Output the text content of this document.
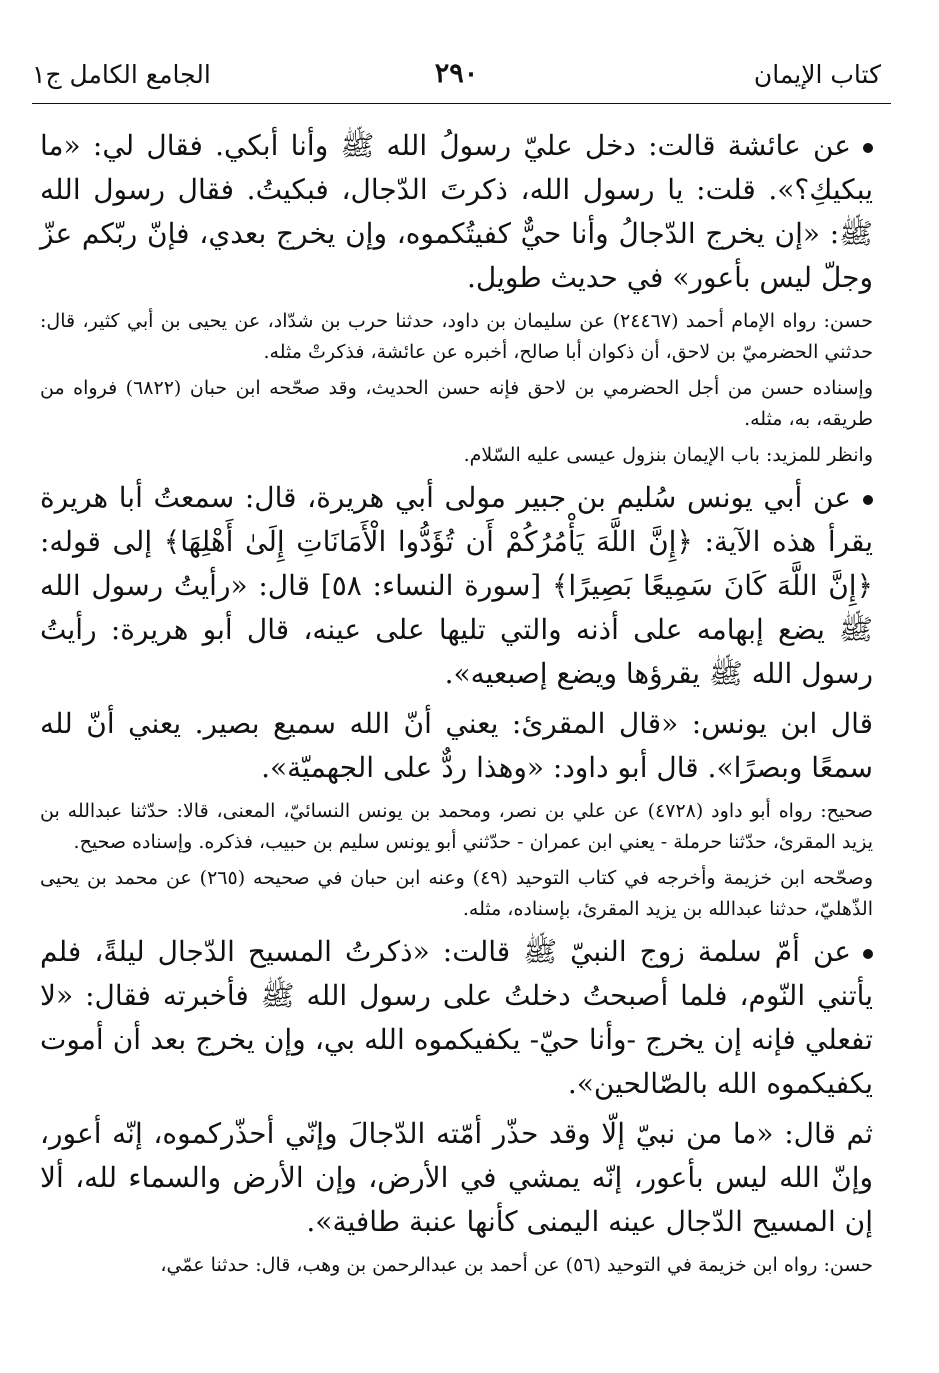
كتاب الإيمان
٢٩٠
الجامع الكامل ج١

عن عائشة قالت: دخل عليّ رسولُ الله ﷺ وأنا أبكي. فقال لي: «ما يبكيكِ؟». قلت: يا رسول الله، ذكرتَ الدّجال، فبكيتُ. فقال رسول الله ﷺ: «إن يخرج الدّجالُ وأنا حيٌّ كفيتُكموه، وإن يخرج بعدي، فإنّ ربّكم عزّ وجلّ ليس بأعور» في حديث طويل.

حسن: رواه الإمام أحمد (٢٤٤٦٧) عن سليمان بن داود، حدثنا حرب بن شدّاد، عن يحيى بن أبي كثير، قال: حدثني الحضرميّ بن لاحق، أن ذكوان أبا صالح، أخبره عن عائشة، فذكرتْ مثله.

وإسناده حسن من أجل الحضرمي بن لاحق فإنه حسن الحديث، وقد صحّحه ابن حبان (٦٨٢٢) فرواه من طريقه، به، مثله.

وانظر للمزيد: باب الإيمان بنزول عيسى عليه السّلام.

عن أبي يونس سُليم بن جبير مولى أبي هريرة، قال: سمعتُ أبا هريرة يقرأ هذه الآية: ﴿إِنَّ اللَّهَ يَأْمُرُكُمْ أَن تُؤَدُّوا الْأَمَانَاتِ إِلَىٰ أَهْلِهَا﴾ إلى قوله: ﴿إِنَّ اللَّهَ كَانَ سَمِيعًا بَصِيرًا﴾ [سورة النساء: ٥٨] قال: «رأيتُ رسول الله ﷺ يضع إبهامه على أذنه والتي تليها على عينه، قال أبو هريرة: رأيتُ رسول الله ﷺ يقرؤها ويضع إصبعيه».

قال ابن يونس: «قال المقرئ: يعني أنّ الله سميع بصير. يعني أنّ لله سمعًا وبصرًا». قال أبو داود: «وهذا ردٌّ على الجهميّة».

صحيح: رواه أبو داود (٤٧٢٨) عن علي بن نصر، ومحمد بن يونس النسائيّ، المعنى، قالا: حدّثنا عبدالله بن يزيد المقرئ، حدّثنا حرملة - يعني ابن عمران - حدّثني أبو يونس سليم بن حبيب، فذكره. وإسناده صحيح.

وصحّحه ابن خزيمة وأخرجه في كتاب التوحيد (٤٩) وعنه ابن حبان في صحيحه (٢٦٥) عن محمد بن يحيى الذّهليّ، حدثنا عبدالله بن يزيد المقرئ، بإسناده، مثله.

عن أمّ سلمة زوج النبيّ ﷺ قالت: «ذكرتُ المسيح الدّجال ليلةً، فلم يأتني النّوم، فلما أصبحتُ دخلتُ على رسول الله ﷺ فأخبرته فقال: «لا تفعلي فإنه إن يخرج -وأنا حيّ- يكفيكموه الله بي، وإن يخرج بعد أن أموت يكفيكموه الله بالصّالحين».

ثم قال: «ما من نبيّ إلّا وقد حذّر أمّته الدّجالَ وإنّي أحذّركموه، إنّه أعور، وإنّ الله ليس بأعور، إنّه يمشي في الأرض، وإن الأرض والسماء لله، ألا إن المسيح الدّجال عينه اليمنى كأنها عنبة طافية».

حسن: رواه ابن خزيمة في التوحيد (٥٦) عن أحمد بن عبدالرحمن بن وهب، قال: حدثنا عمّي،
